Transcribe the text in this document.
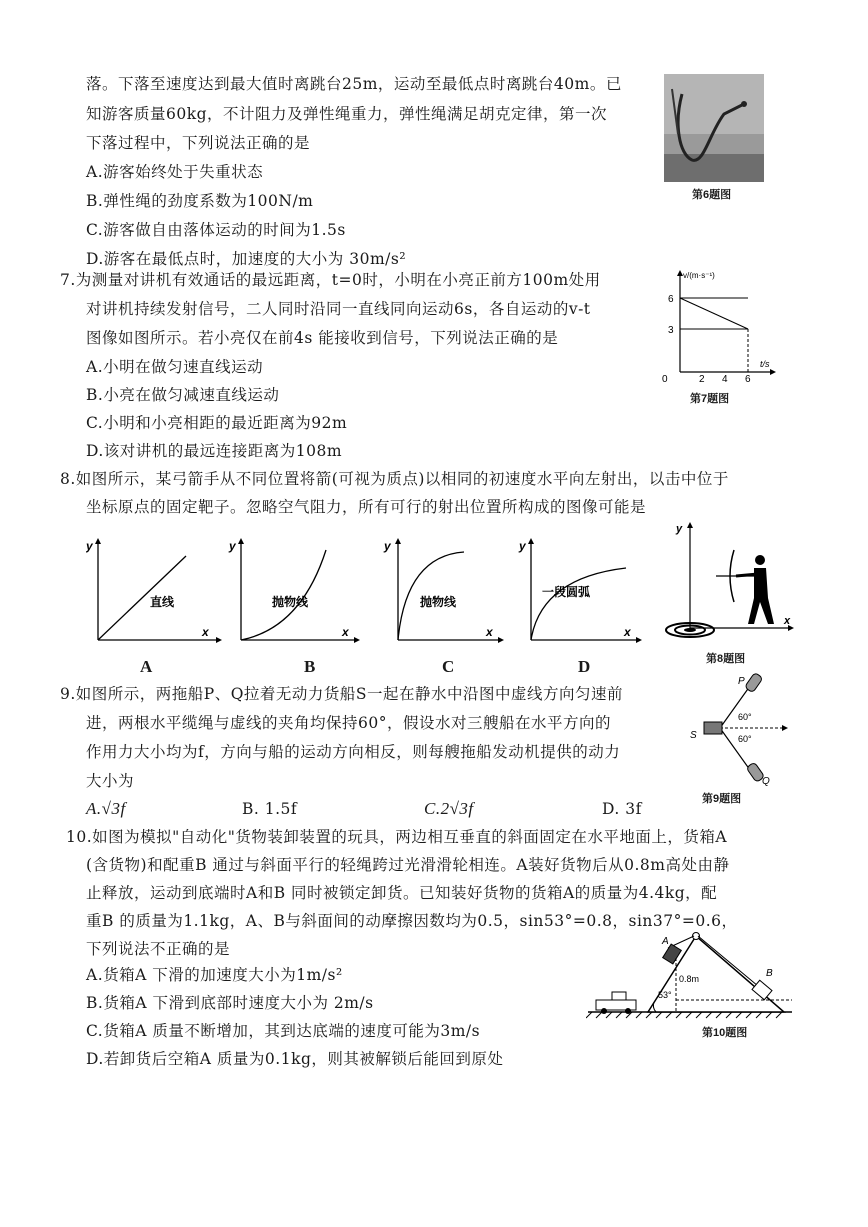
落。下落至速度达到最大值时离跳台25m，运动至最低点时离跳台40m。已
知游客质量60kg，不计阻力及弹性绳重力，弹性绳满足胡克定律，第一次
下落过程中，下列说法正确的是
A.游客始终处于失重状态
B.弹性绳的劲度系数为100N/m
C.游客做自由落体运动的时间为1.5s
D.游客在最低点时，加速度的大小为 30m/s²
第6题图
7.为测量对讲机有效通话的最远距离，t=0时，小明在小亮正前方100m处用
对讲机持续发射信号，二人同时沿同一直线同向运动6s，各自运动的v-t
图像如图所示。若小亮仅在前4s 能接收到信号，下列说法正确的是
A.小明在做匀速直线运动
B.小亮在做匀减速直线运动
C.小明和小亮相距的最近距离为92m
D.该对讲机的最远连接距离为108m
v/(m·s⁻¹)
t/s
6
3
0	2 4 6
第7题图
8.如图所示，某弓箭手从不同位置将箭(可视为质点)以相同的初速度水平向左射出，以击中位于
坐标原点的固定靶子。忽略空气阻力，所有可行的射出位置所构成的图像可能是
y
x
直线
y
x
抛物线
y
x
抛物线
y
x
一段圆弧
A	B	C	D
y
x
第8题图
9.如图所示，两拖船P、Q拉着无动力货船S一起在静水中沿图中虚线方向匀速前
进，两根水平缆绳与虚线的夹角均保持60°，假设水对三艘船在水平方向的
作用力大小均为f，方向与船的运动方向相反，则每艘拖船发动机提供的动力
大小为
A.√3f	B. 1.5f	C.2√3f	D. 3f
60°
60°
S
P
Q
第9题图
10.如图为模拟"自动化"货物装卸装置的玩具，两边相互垂直的斜面固定在水平地面上，货箱A
(含货物)和配重B 通过与斜面平行的轻绳跨过光滑滑轮相连。A装好货物后从0.8m高处由静
止释放，运动到底端时A和B 同时被锁定卸货。已知装好货物的货箱A的质量为4.4kg，配
重B 的质量为1.1kg，A、B与斜面间的动摩擦因数均为0.5，sin53°=0.8，sin37°=0.6，
下列说法不正确的是
A.货箱A 下滑的加速度大小为1m/s²
B.货箱A 下滑到底部时速度大小为 2m/s
C.货箱A 质量不断增加，其到达底端的速度可能为3m/s
D.若卸货后空箱A 质量为0.1kg，则其被解锁后能回到原处
A
B
0.8m
53°
第10题图
